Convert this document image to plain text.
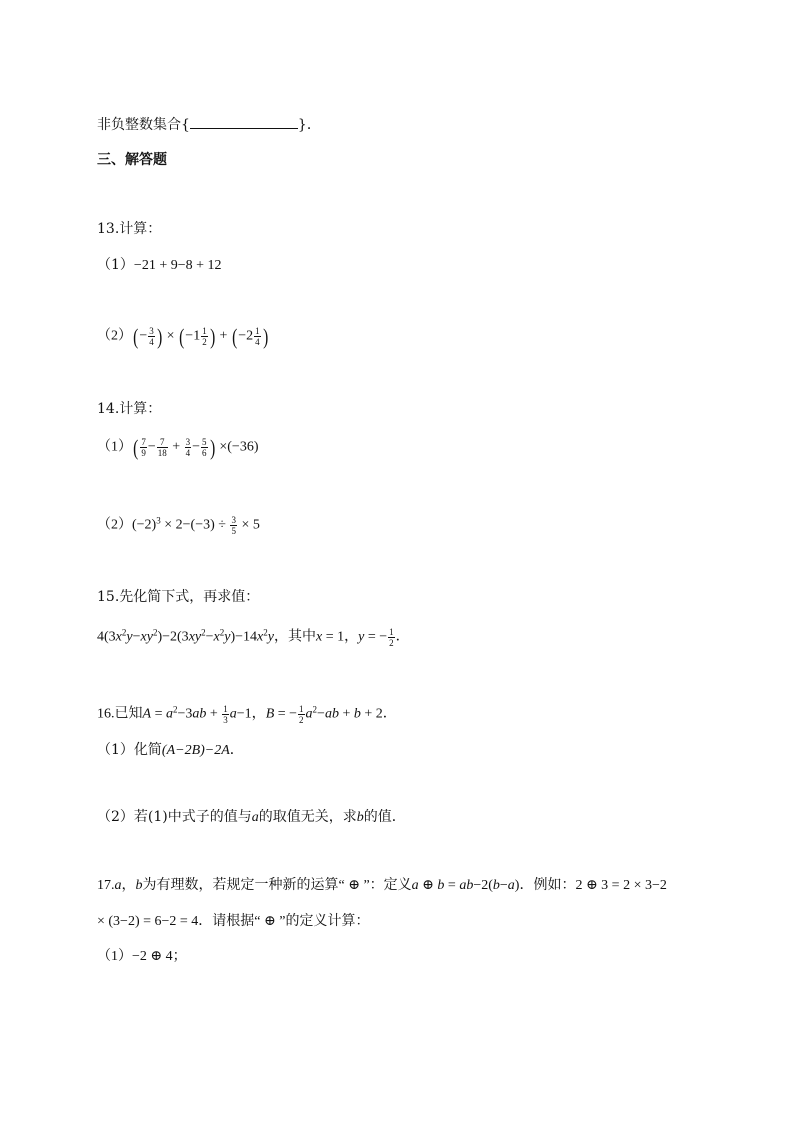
非负整数集合{	}．
三、解答题
13.计算：
（1）−21 + 9−8 + 12
$(2)(- \frac{3}{4}$ ) × ($-1 \frac{1}{2}$ ) + ($-2 \frac{1}{4}$ )
14.计算：
$(1)( \frac{7}{9} - \frac{7}{18} + \frac{3}{4} - \frac{5}{6}$ ) ×(−36)
$(2)(-2)^3 \times 2-(-3) \div \frac{3}{5} \times 5$
15.先化简下式，再求值：
$4(3x^2y-xy^2)-2(3xy^2-x^2y)-14x^2y$，其中x = 1，y = − $\frac{1}{2}$ ．
16.已知$A = a^2-3ab + \frac{1}{3} a-1$，B = − $\frac{1}{2} a^2-ab + b + 2$．
（1）化简(A−2B)−2A．
（2）若(1)中式子的值与a的取值无关，求b的值．
17.a，b为有理数，若规定一种新的运算“ ⊕ ”：定义a ⊕ b = ab−2(b−a)．例如：2 ⊕ 3 = 2 × 3−2
× (3−2) = 6−2 = 4．请根据“ ⊕ ”的定义计算：
（1）−2 ⊕ 4；
